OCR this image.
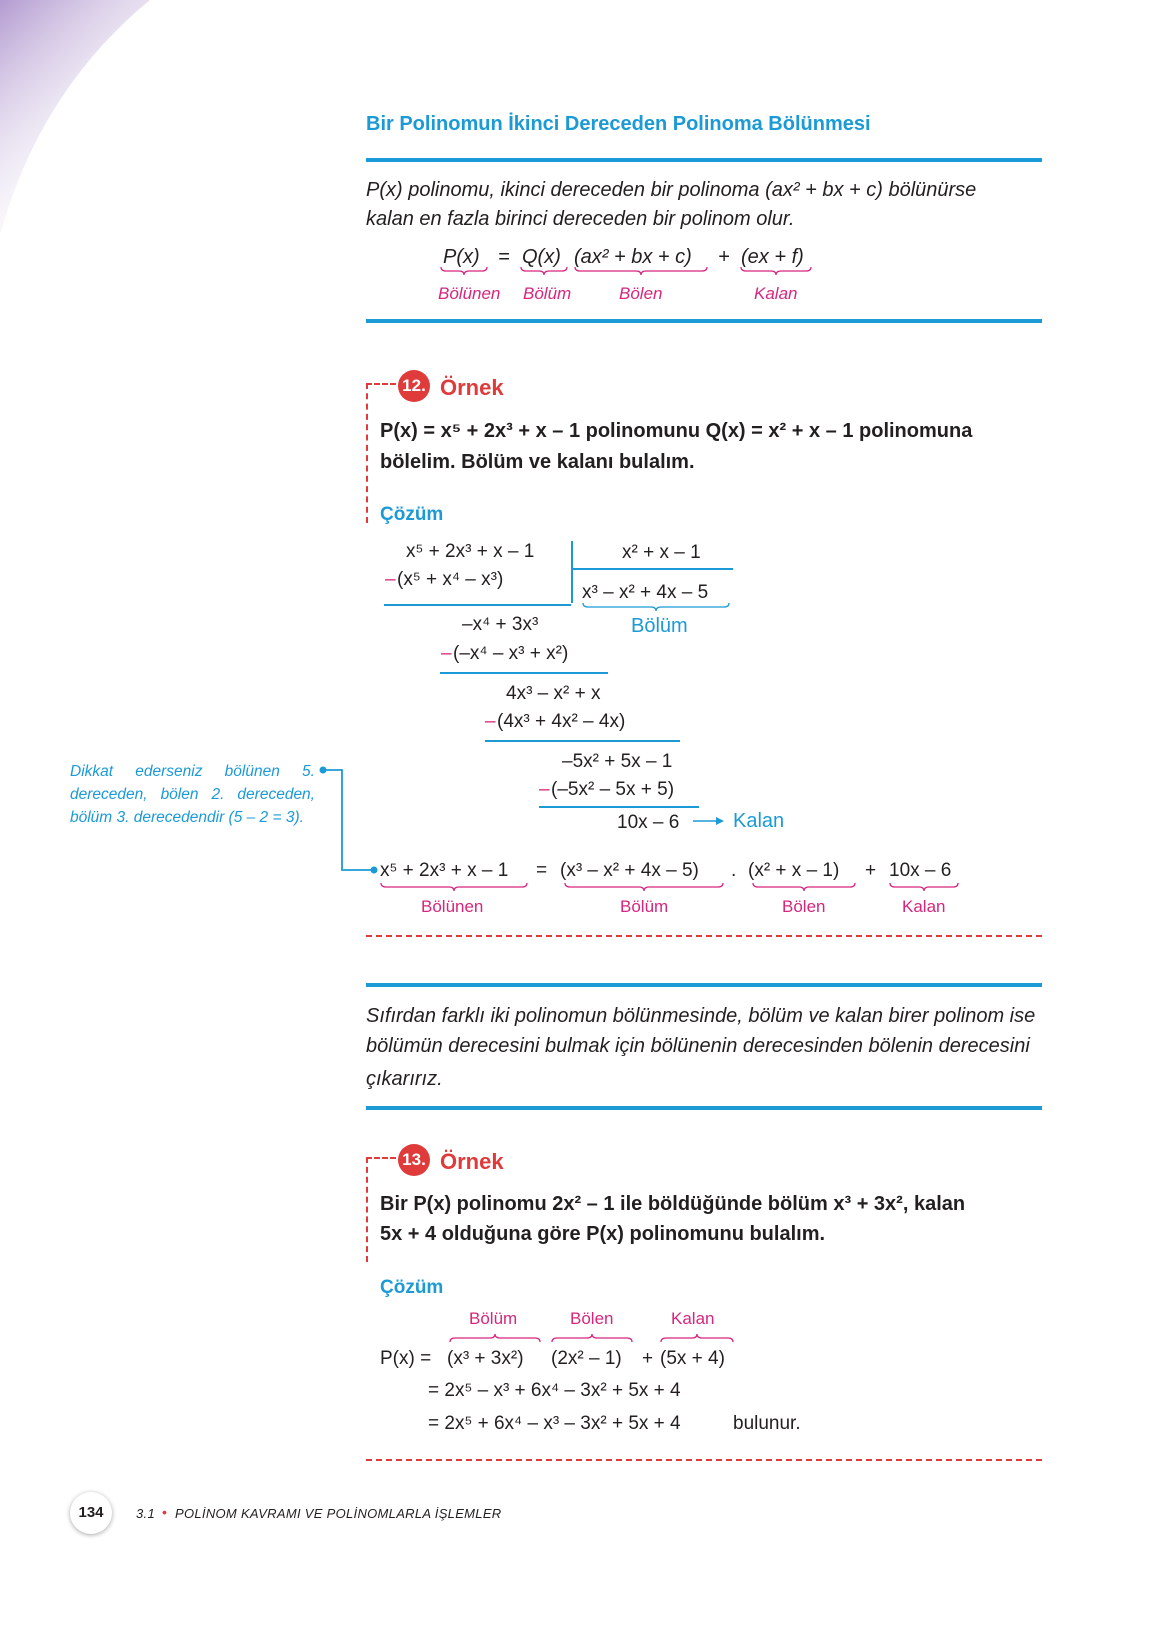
Bir Polinomun İkinci Dereceden Polinoma Bölünmesi
P(x) polinomu, ikinci dereceden bir polinoma (ax² + bx + c) bölünürse
kalan en fazla birinci dereceden bir polinom olur.
P(x) = Q(x) (ax² + bx + c) + (ex + f)
Bölünen Bölüm	Bölen	Kalan
12. Örnek
P(x) = x⁵ + 2x³ + x – 1 polinomunu Q(x) = x² + x – 1 polinomuna
bölelim. Bölüm ve kalanı bulalım.
Çözüm
x⁵ + 2x³ + x – 1
– (x⁵ + x⁴ – x³)
–x⁴ + 3x³
– (–x⁴ – x³ + x²)
4x³ – x² + x
– (4x³ + 4x² – 4x)
–5x² + 5x – 1
– (–5x² – 5x + 5)
10x – 6	Kalan
x² + x – 1
x³ – x² + 4x – 5
Bölüm
Dikkat ederseniz bölünen 5. dereceden, bölen 2. dereceden, bölüm 3. derecedendir (5 – 2 = 3).
x⁵ + 2x³ + x – 1 = (x³ – x² + 4x – 5) . (x² + x – 1) + 10x – 6
Bölünen	Bölüm	Bölen	Kalan
Sıfırdan farklı iki polinomun bölünmesinde, bölüm ve kalan birer polinom ise
bölümün derecesini bulmak için bölünenin derecesinden bölenin derecesini
çıkarırız.
13. Örnek
Bir P(x) polinomu 2x² – 1 ile böldüğünde bölüm x³ + 3x², kalan
5x + 4 olduğuna göre P(x) polinomunu bulalım.
Çözüm
Bölüm	Bölen	Kalan
P(x) = (x³ + 3x²) (2x² – 1) + (5x + 4)
= 2x⁵ – x³ + 6x⁴ – 3x² + 5x + 4
= 2x⁵ + 6x⁴ – x³ – 3x² + 5x + 4	bulunur.
134	3.1 • POLİNOM KAVRAMI VE POLİNOMLARLA İŞLEMLER
